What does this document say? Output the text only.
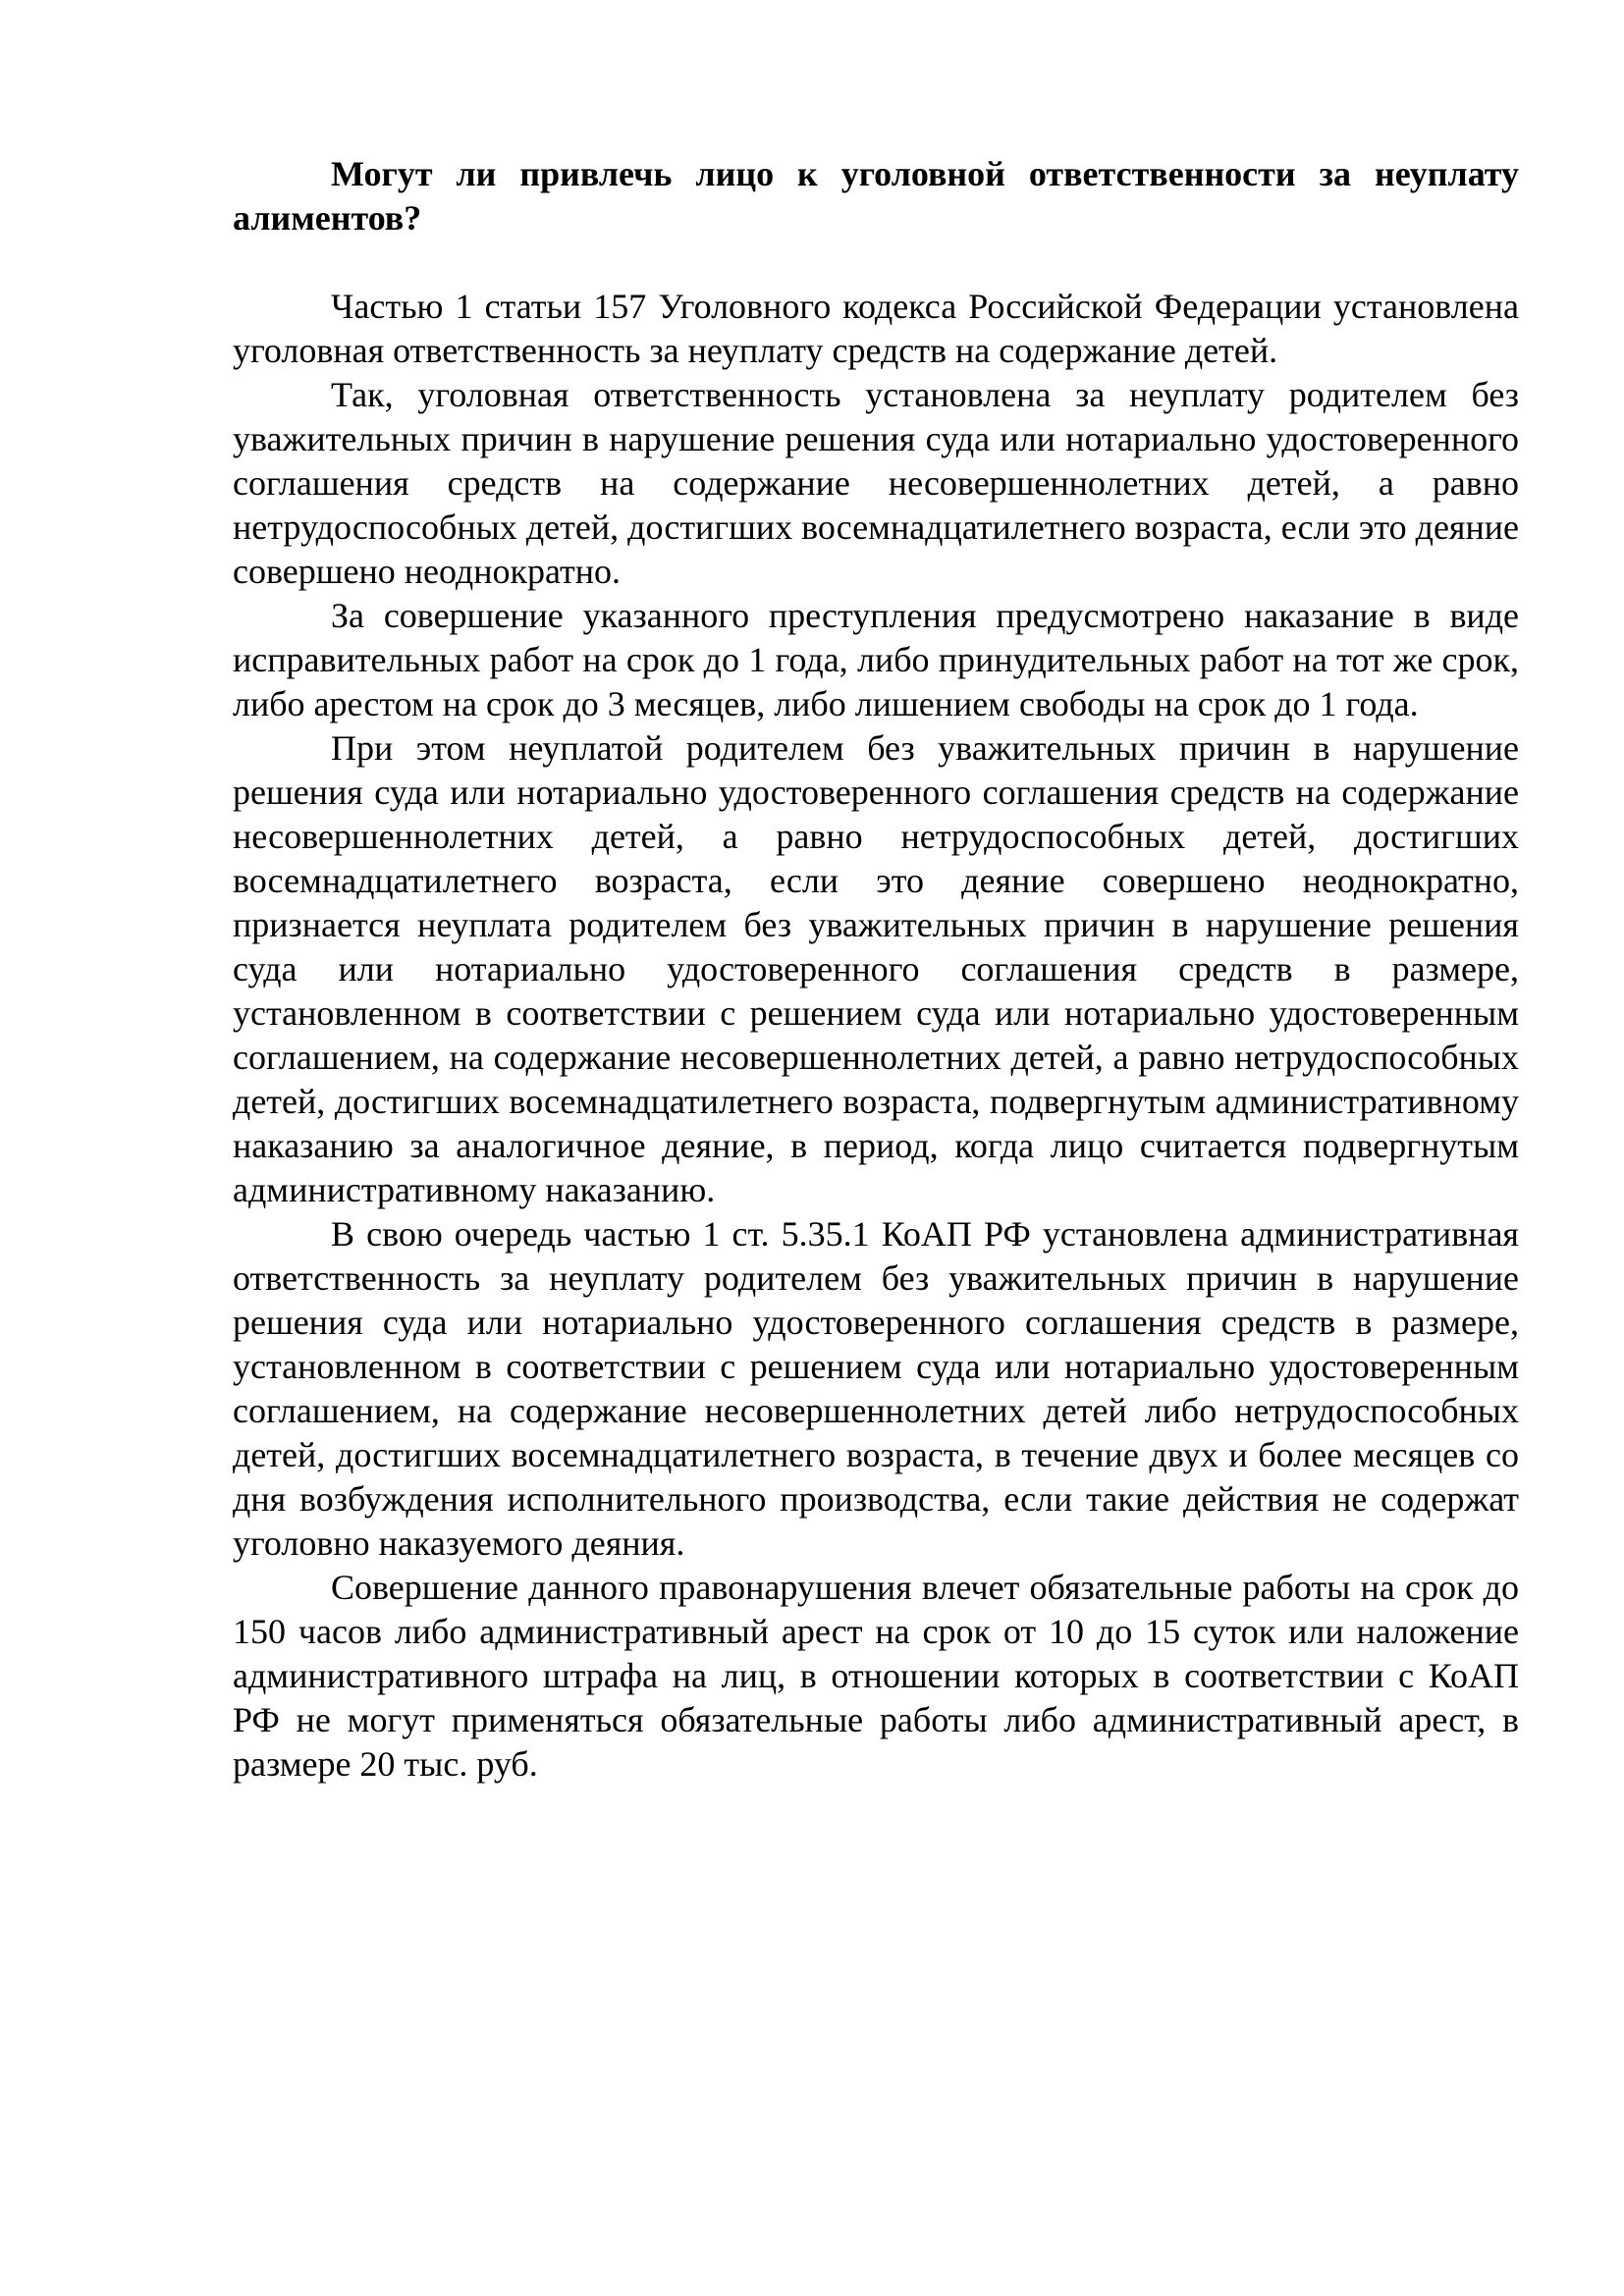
Могут ли привлечь лицо к уголовной ответственности за неуплату алиментов?

Частью 1 статьи 157 Уголовного кодекса Российской Федерации установлена уголовная ответственность за неуплату средств на содержание детей.

Так, уголовная ответственность установлена за неуплату родителем без уважительных причин в нарушение решения суда или нотариально удостоверенного соглашения средств на содержание несовершеннолетних детей, а равно нетрудоспособных детей, достигших восемнадцатилетнего возраста, если это деяние совершено неоднократно.

За совершение указанного преступления предусмотрено наказание в виде исправительных работ на срок до 1 года, либо принудительных работ на тот же срок, либо арестом на срок до 3 месяцев, либо лишением свободы на срок до 1 года.

При этом неуплатой родителем без уважительных причин в нарушение решения суда или нотариально удостоверенного соглашения средств на содержание несовершеннолетних детей, а равно нетрудоспособных детей, достигших восемнадцатилетнего возраста, если это деяние совершено неоднократно, признается неуплата родителем без уважительных причин в нарушение решения суда или нотариально удостоверенного соглашения средств в размере, установленном в соответствии с решением суда или нотариально удостоверенным соглашением, на содержание несовершеннолетних детей, а равно нетрудоспособных детей, достигших восемнадцатилетнего возраста, подвергнутым административному наказанию за аналогичное деяние, в период, когда лицо считается подвергнутым административному наказанию.

В свою очередь частью 1 ст. 5.35.1 КоАП РФ установлена административная ответственность за неуплату родителем без уважительных причин в нарушение решения суда или нотариально удостоверенного соглашения средств в размере, установленном в соответствии с решением суда или нотариально удостоверенным соглашением, на содержание несовершеннолетних детей либо нетрудоспособных детей, достигших восемнадцатилетнего возраста, в течение двух и более месяцев со дня возбуждения исполнительного производства, если такие действия не содержат уголовно наказуемого деяния.

Совершение данного правонарушения влечет обязательные работы на срок до 150 часов либо административный арест на срок от 10 до 15 суток или наложение административного штрафа на лиц, в отношении которых в соответствии с КоАП РФ не могут применяться обязательные работы либо административный арест, в размере 20 тыс. руб.
